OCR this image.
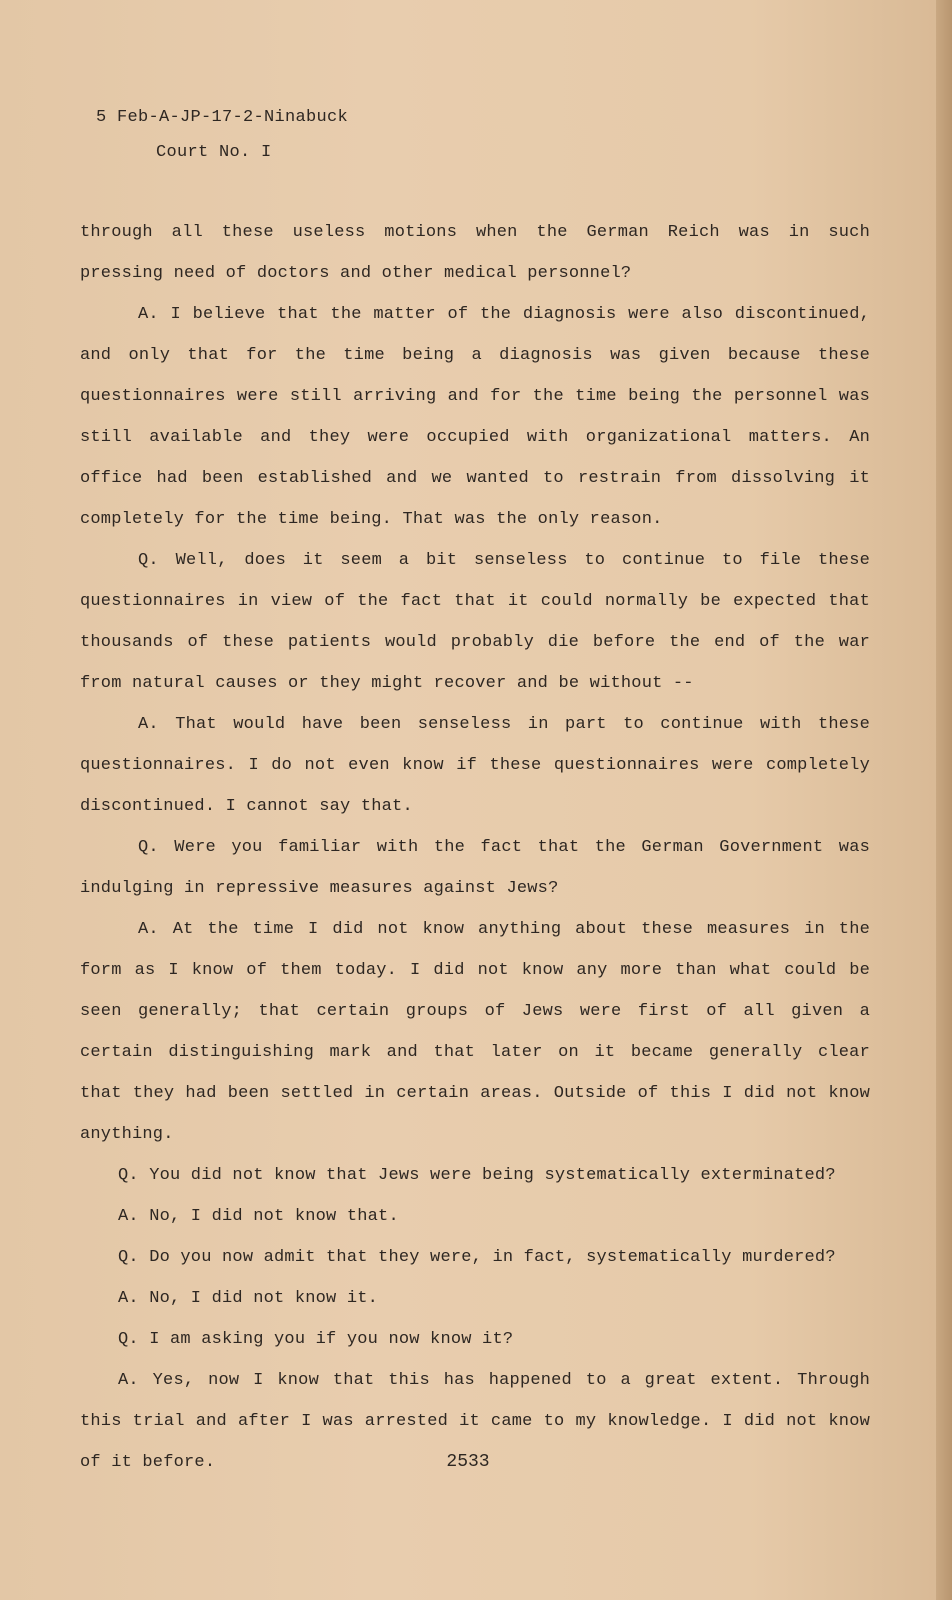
5 Feb-A-JP-17-2-Ninabuck
Court No. I

through all these useless motions when the German Reich was in such pressing need of doctors and other medical personnel?

A. I believe that the matter of the diagnosis were also discontinued, and only that for the time being a diagnosis was given because these questionnaires were still arriving and for the time being the personnel was still available and they were occupied with organizational matters. An office had been established and we wanted to restrain from dissolving it completely for the time being. That was the only reason.

Q. Well, does it seem a bit senseless to continue to file these questionnaires in view of the fact that it could normally be expected that thousands of these patients would probably die before the end of the war from natural causes or they might recover and be without --

A. That would have been senseless in part to continue with these questionnaires. I do not even know if these questionnaires were completely discontinued. I cannot say that.

Q. Were you familiar with the fact that the German Government was indulging in repressive measures against Jews?

A. At the time I did not know anything about these measures in the form as I know of them today. I did not know any more than what could be seen generally; that certain groups of Jews were first of all given a certain distinguishing mark and that later on it became generally clear that they had been settled in certain areas. Outside of this I did not know anything.

Q. You did not know that Jews were being systematically exterminated?

A. No, I did not know that.

Q. Do you now admit that they were, in fact, systematically murdered?

A. No, I did not know it.

Q. I am asking you if you now know it?

A. Yes, now I know that this has happened to a great extent. Through this trial and after I was arrested it came to my knowledge. I did not know of it before.	2533
